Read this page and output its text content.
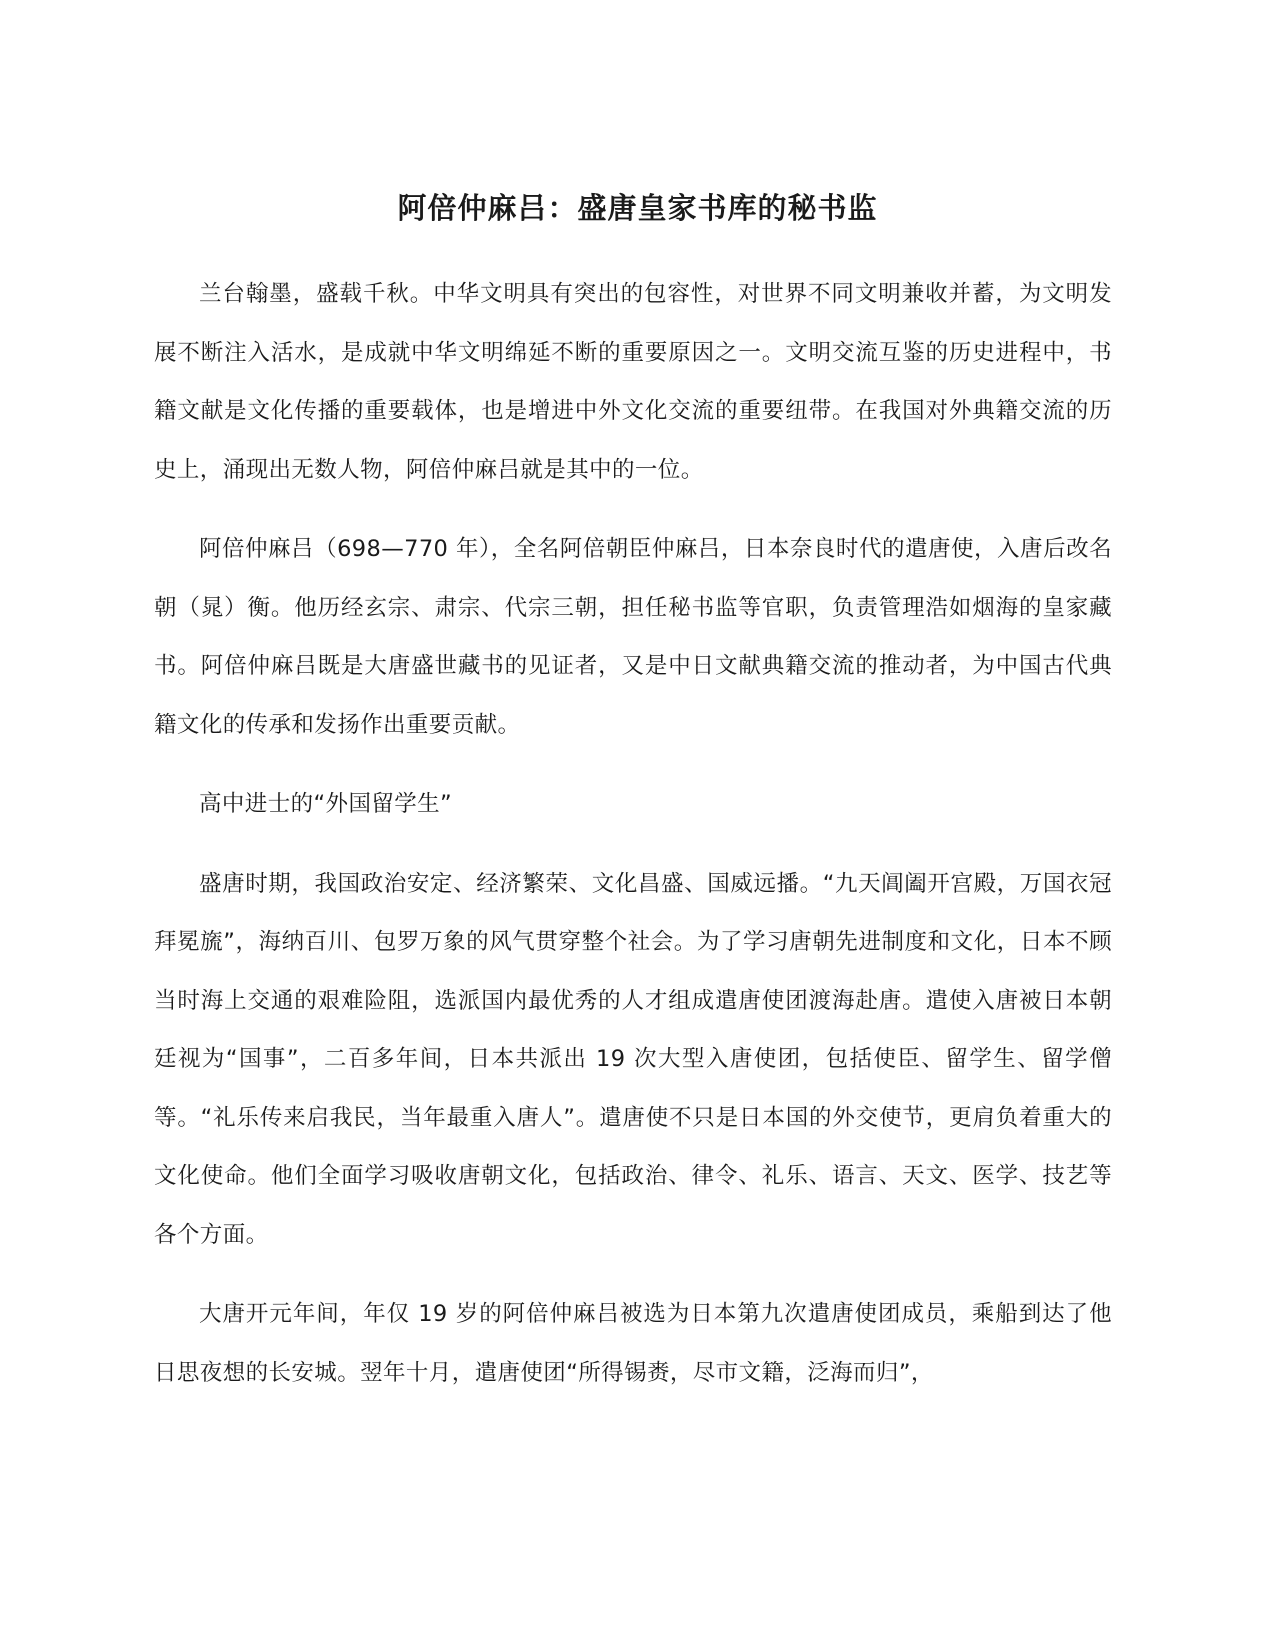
阿倍仲麻吕：盛唐皇家书库的秘书监

兰台翰墨，盛载千秋。中华文明具有突出的包容性，对世界不同文明兼收并蓄，为文明发展不断注入活水，是成就中华文明绵延不断的重要原因之一。文明交流互鉴的历史进程中，书籍文献是文化传播的重要载体，也是增进中外文化交流的重要纽带。在我国对外典籍交流的历史上，涌现出无数人物，阿倍仲麻吕就是其中的一位。

阿倍仲麻吕（698—770 年），全名阿倍朝臣仲麻吕，日本奈良时代的遣唐使，入唐后改名朝（晁）衡。他历经玄宗、肃宗、代宗三朝，担任秘书监等官职，负责管理浩如烟海的皇家藏书。阿倍仲麻吕既是大唐盛世藏书的见证者，又是中日文献典籍交流的推动者，为中国古代典籍文化的传承和发扬作出重要贡献。

高中进士的“外国留学生”

盛唐时期，我国政治安定、经济繁荣、文化昌盛、国威远播。“九天阊阖开宫殿，万国衣冠拜冕旒”，海纳百川、包罗万象的风气贯穿整个社会。为了学习唐朝先进制度和文化，日本不顾当时海上交通的艰难险阻，选派国内最优秀的人才组成遣唐使团渡海赴唐。遣使入唐被日本朝廷视为“国事”，二百多年间，日本共派出 19 次大型入唐使团，包括使臣、留学生、留学僧等。“礼乐传来启我民，当年最重入唐人”。遣唐使不只是日本国的外交使节，更肩负着重大的文化使命。他们全面学习吸收唐朝文化，包括政治、律令、礼乐、语言、天文、医学、技艺等各个方面。

大唐开元年间，年仅 19 岁的阿倍仲麻吕被选为日本第九次遣唐使团成员，乘船到达了他日思夜想的长安城。翌年十月，遣唐使团“所得锡赉，尽市文籍，泛海而归”，
